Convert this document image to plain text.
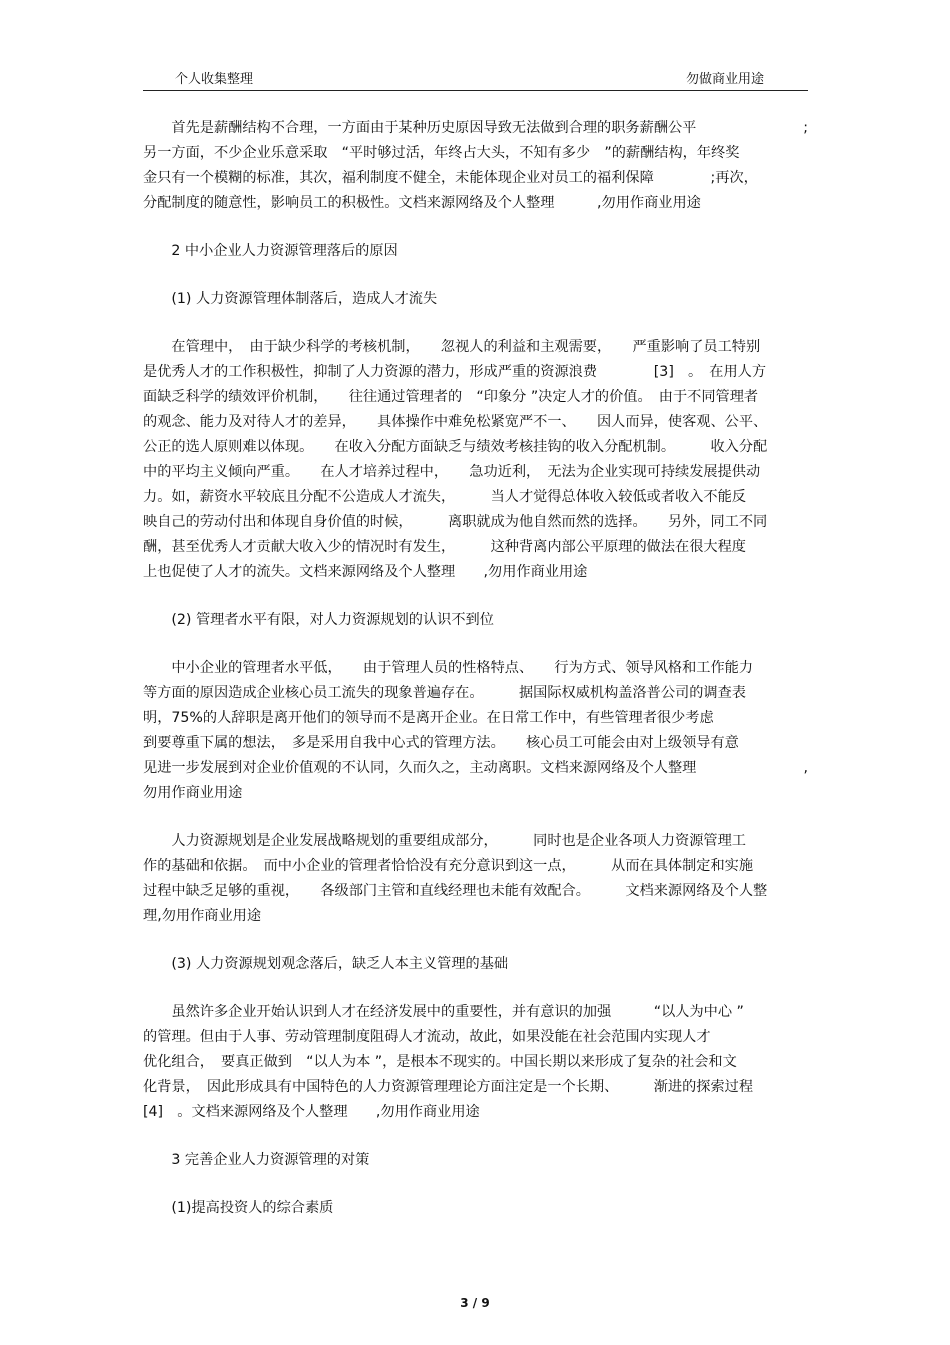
个人收集整理	勿做商业用途
　　首先是薪酬结构不合理，一方面由于某种历史原因导致无法做到合理的职务薪酬公平	;
另一方面，不少企业乐意采取　“平时够过活，年终占大头，不知有多少　”的薪酬结构，年终奖
金只有一个模糊的标准，其次，福利制度不健全，未能体现企业对员工的福利保障　　　　;再次，
分配制度的随意性，影响员工的积极性。文档来源网络及个人整理　　　,勿用作商业用途
　　2 中小企业人力资源管理落后的原因
　　(1) 人力资源管理体制落后，造成人才流失
　　在管理中，　由于缺少科学的考核机制，　　忽视人的利益和主观需要，　　严重影响了员工特别
是优秀人才的工作积极性，抑制了人力资源的潜力，形成严重的资源浪费　　　　[3]　。　在用人方
面缺乏科学的绩效评价机制，　　往往通过管理者的　“印象分 ”决定人才的价值。　由于不同管理者
的观念、能力及对待人才的差异，　　具体操作中难免松紧宽严不一、　　因人而异，使客观、公平、
公正的选人原则难以体现。　　在收入分配方面缺乏与绩效考核挂钩的收入分配机制。　　　收入分配
中的平均主义倾向严重。　　在人才培养过程中，　　急功近利，　无法为企业实现可持续发展提供动
力。如，薪资水平较底且分配不公造成人才流失，　　　当人才觉得总体收入较低或者收入不能反
映自己的劳动付出和体现自身价值的时候，　　　离职就成为他自然而然的选择。　　另外，同工不同
酬，甚至优秀人才贡献大收入少的情况时有发生，　　　这种背离内部公平原理的做法在很大程度
上也促使了人才的流失。文档来源网络及个人整理　　,勿用作商业用途
　　(2) 管理者水平有限，对人力资源规划的认识不到位
　　中小企业的管理者水平低，　　由于管理人员的性格特点、　　行为方式、领导风格和工作能力
等方面的原因造成企业核心员工流失的现象普遍存在。　　　据国际权威机构盖洛普公司的调查表
明，75%的人辞职是离开他们的领导而不是离开企业。在日常工作中，有些管理者很少考虑
到要尊重下属的想法，　多是采用自我中心式的管理方法。　　核心员工可能会由对上级领导有意
见进一步发展到对企业价值观的不认同，久而久之，主动离职。文档来源网络及个人整理	,
勿用作商业用途
　　人力资源规划是企业发展战略规划的重要组成部分，　　　同时也是企业各项人力资源管理工
作的基础和依据。　而中小企业的管理者恰恰没有充分意识到这一点，　　　从而在具体制定和实施
过程中缺乏足够的重视，　　各级部门主管和直线经理也未能有效配合。　　　文档来源网络及个人整
理,勿用作商业用途
　　(3) 人力资源规划观念落后，缺乏人本主义管理的基础
　　虽然许多企业开始认识到人才在经济发展中的重要性，并有意识的加强　　　“以人为中心 ”
的管理。但由于人事、劳动管理制度阻碍人才流动，故此，如果没能在社会范围内实现人才
优化组合，　要真正做到　“以人为本 ”，是根本不现实的。中国长期以来形成了复杂的社会和文
化背景，　因此形成具有中国特色的人力资源管理理论方面注定是一个长期、　　　渐进的探索过程
[4]　。文档来源网络及个人整理　　,勿用作商业用途
　　3 完善企业人力资源管理的对策
　　(1)提高投资人的综合素质
3 / 9
